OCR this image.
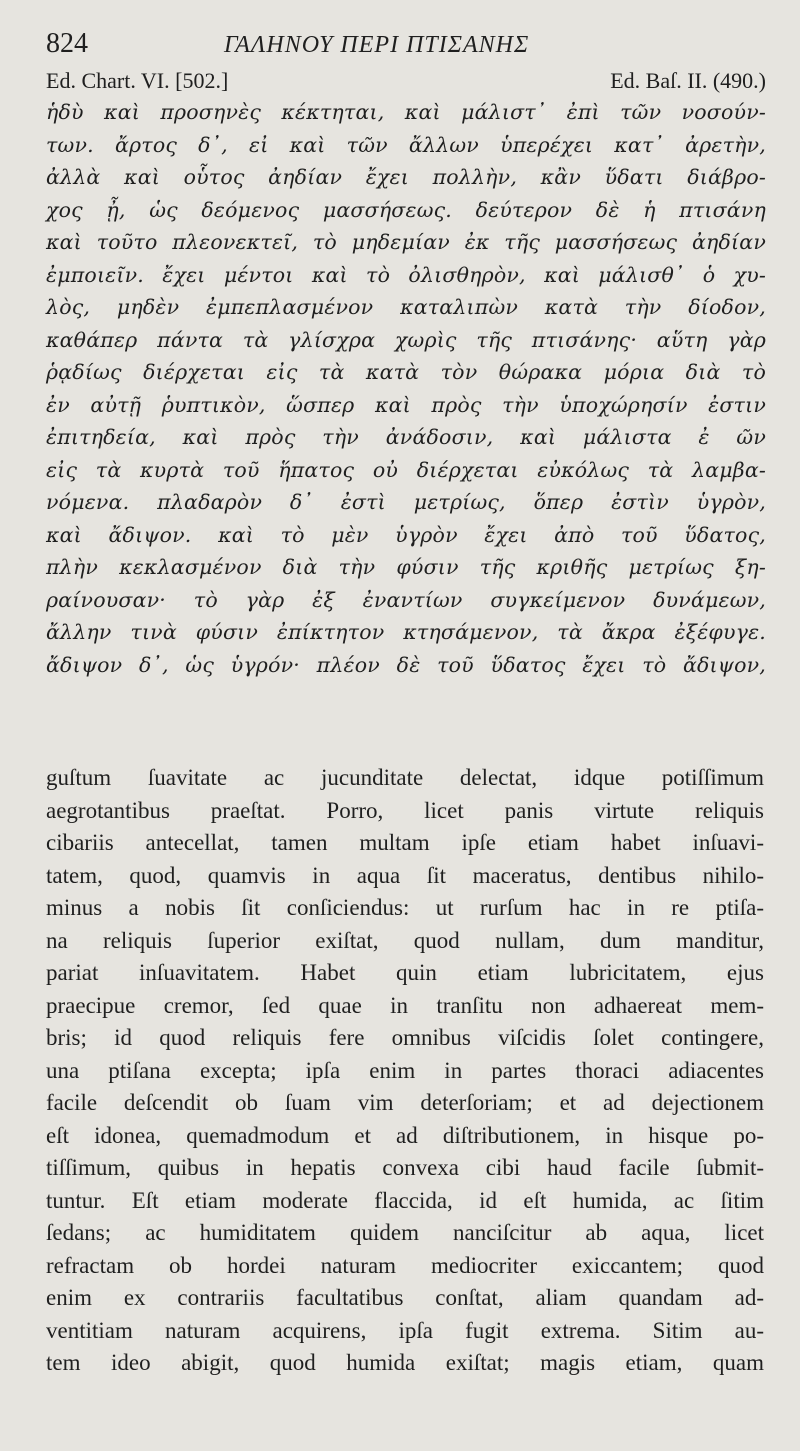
824	ΓΑΛΗΝΟΥ ΠΕΡΙ ΠΤΙΣΑΝΗΣ
Ed. Chart. VI. [502.]	Ed. Baſ. II. (490.)
ἡδὺ καὶ προσηνὲς κέκτηται, καὶ μάλιστ᾽ ἐπὶ τῶν νοσούν-
των. ἄρτος δ᾽, εἰ καὶ τῶν ἄλλων ὑπερέχει κατ᾽ ἀρετὴν,
ἀλλὰ καὶ οὗτος ἀηδίαν ἔχει πολλὴν, κἂν ὕδατι διάβρο-
χος ᾖ, ὡς δεόμενος μασσήσεως. δεύτερον δὲ ἡ πτισάνη
καὶ τοῦτο πλεονεκτεῖ, τὸ μηδεμίαν ἐκ τῆς μασσήσεως ἀηδίαν
ἐμποιεῖν. ἔχει μέντοι καὶ τὸ ὀλισθηρὸν, καὶ μάλισθ᾽ ὁ χυ-
λὸς, μηδὲν ἐμπεπλασμένον καταλιπὼν κατὰ τὴν δίοδον,
καθάπερ πάντα τὰ γλίσχρα χωρὶς τῆς πτισάνης· αὕτη γὰρ
ῥᾳδίως διέρχεται εἰς τὰ κατὰ τὸν θώρακα μόρια διὰ τὸ
ἐν αὐτῇ ῥυπτικὸν, ὥσπερ καὶ πρὸς τὴν ὑποχώρησίν ἐστιν
ἐπιτηδεία, καὶ πρὸς τὴν ἀνάδοσιν, καὶ μάλιστα ἐ ῶν
εἰς τὰ κυρτὰ τοῦ ἥπατος οὐ διέρχεται εὐκόλως τὰ λαμβα-
νόμενα. πλαδαρὸν δ᾽ ἐστὶ μετρίως, ὅπερ ἐστὶν ὑγρὸν,
καὶ ἄδιψον. καὶ τὸ μὲν ὑγρὸν ἔχει ἀπὸ τοῦ ὕδατος,
πλὴν κεκλασμένον διὰ τὴν φύσιν τῆς κριθῆς μετρίως ξη-
ραίνουσαν· τὸ γὰρ ἐξ ἐναντίων συγκείμενον δυνάμεων,
ἄλλην τινὰ φύσιν ἐπίκτητον κτησάμενον, τὰ ἄκρα ἐξέφυγε.
ἄδιψον δ᾽, ὡς ὑγρόν· πλέον δὲ τοῦ ὕδατος ἔχει τὸ ἄδιψον,
guſtum ſuavitate ac jucunditate delectat, idque potiſſimum
aegrotantibus praeſtat. Porro, licet panis virtute reliquis
cibariis antecellat, tamen multam ipſe etiam habet inſuavi-
tatem, quod, quamvis in aqua ſit maceratus, dentibus nihilo-
minus a nobis ſit conſiciendus: ut rurſum hac in re ptiſa-
na reliquis ſuperior exiſtat, quod nullam, dum manditur,
pariat inſuavitatem. Habet quin etiam lubricitatem, ejus
praecipue cremor, ſed quae in tranſitu non adhaereat mem-
bris; id quod reliquis fere omnibus viſcidis ſolet contingere,
una ptiſana excepta; ipſa enim in partes thoraci adiacentes
facile deſcendit ob ſuam vim deterſoriam; et ad dejectionem
eſt idonea, quemadmodum et ad diſtributionem, in hisque po-
tiſſimum, quibus in hepatis convexa cibi haud facile ſubmit-
tuntur. Eſt etiam moderate flaccida, id eſt humida, ac ſitim
ſedans; ac humiditatem quidem nanciſcitur ab aqua, licet
refractam ob hordei naturam mediocriter exiccantem; quod
enim ex contrariis facultatibus conſtat, aliam quandam ad-
ventitiam naturam acquirens, ipſa fugit extrema. Sitim au-
tem ideo abigit, quod humida exiſtat; magis etiam, quam
